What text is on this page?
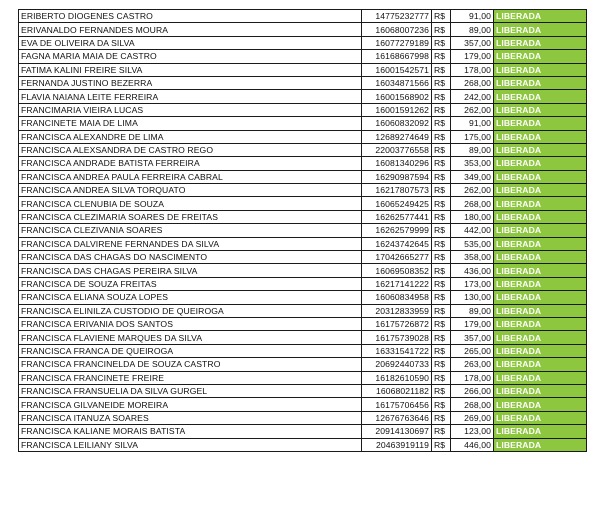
ERIBERTO DIOGENES CASTRO	14775232777	R$	91,00	LIBERADA
ERIVANALDO FERNANDES MOURA	16068007236	R$	89,00	LIBERADA
EVA DE OLIVEIRA DA SILVA	16077279189	R$	357,00	LIBERADA
FAGNA MARIA MAIA DE CASTRO	16168667998	R$	179,00	LIBERADA
FATIMA KALINI FREIRE SILVA	16001542571	R$	178,00	LIBERADA
FERNANDA JUSTINO BEZERRA	16034871566	R$	268,00	LIBERADA
FLAVIA NAIANA LEITE FERREIRA	16001568902	R$	242,00	LIBERADA
FRANCIMARIA VIEIRA LUCAS	16001591262	R$	262,00	LIBERADA
FRANCINETE MAIA DE LIMA	16060832092	R$	91,00	LIBERADA
FRANCISCA ALEXANDRE DE LIMA	12689274649	R$	175,00	LIBERADA
FRANCISCA ALEXSANDRA DE CASTRO REGO	22003776558	R$	89,00	LIBERADA
FRANCISCA ANDRADE BATISTA FERREIRA	16081340296	R$	353,00	LIBERADA
FRANCISCA ANDREA PAULA FERREIRA CABRAL	16290987594	R$	349,00	LIBERADA
FRANCISCA ANDREA SILVA TORQUATO	16217807573	R$	262,00	LIBERADA
FRANCISCA CLENUBIA DE SOUZA	16065249425	R$	268,00	LIBERADA
FRANCISCA CLEZIMARIA SOARES DE FREITAS	16262577441	R$	180,00	LIBERADA
FRANCISCA CLEZIVANIA SOARES	16262579999	R$	442,00	LIBERADA
FRANCISCA DALVIRENE FERNANDES DA SILVA	16243742645	R$	535,00	LIBERADA
FRANCISCA DAS CHAGAS DO NASCIMENTO	17042665277	R$	358,00	LIBERADA
FRANCISCA DAS CHAGAS PEREIRA SILVA	16069508352	R$	436,00	LIBERADA
FRANCISCA DE SOUZA FREITAS	16217141222	R$	173,00	LIBERADA
FRANCISCA ELIANA SOUZA LOPES	16060834958	R$	130,00	LIBERADA
FRANCISCA ELINILZA CUSTODIO DE QUEIROGA	20312833959	R$	89,00	LIBERADA
FRANCISCA ERIVANIA DOS SANTOS	16175726872	R$	179,00	LIBERADA
FRANCISCA FLAVIENE MARQUES DA SILVA	16175739028	R$	357,00	LIBERADA
FRANCISCA FRANCA DE QUEIROGA	16331541722	R$	265,00	LIBERADA
FRANCISCA FRANCINELDA DE SOUZA CASTRO	20692440733	R$	263,00	LIBERADA
FRANCISCA FRANCINETE FREIRE	16182610590	R$	178,00	LIBERADA
FRANCISCA FRANSUELIA DA SILVA GURGEL	16068021182	R$	266,00	LIBERADA
FRANCISCA GILVANEIDE MOREIRA	16175706456	R$	268,00	LIBERADA
FRANCISCA ITANUZA SOARES	12676763646	R$	269,00	LIBERADA
FRANCISCA KALIANE MORAIS BATISTA	20914130697	R$	123,00	LIBERADA
FRANCISCA LEILIANY SILVA	20463919119	R$	446,00	LIBERADA
